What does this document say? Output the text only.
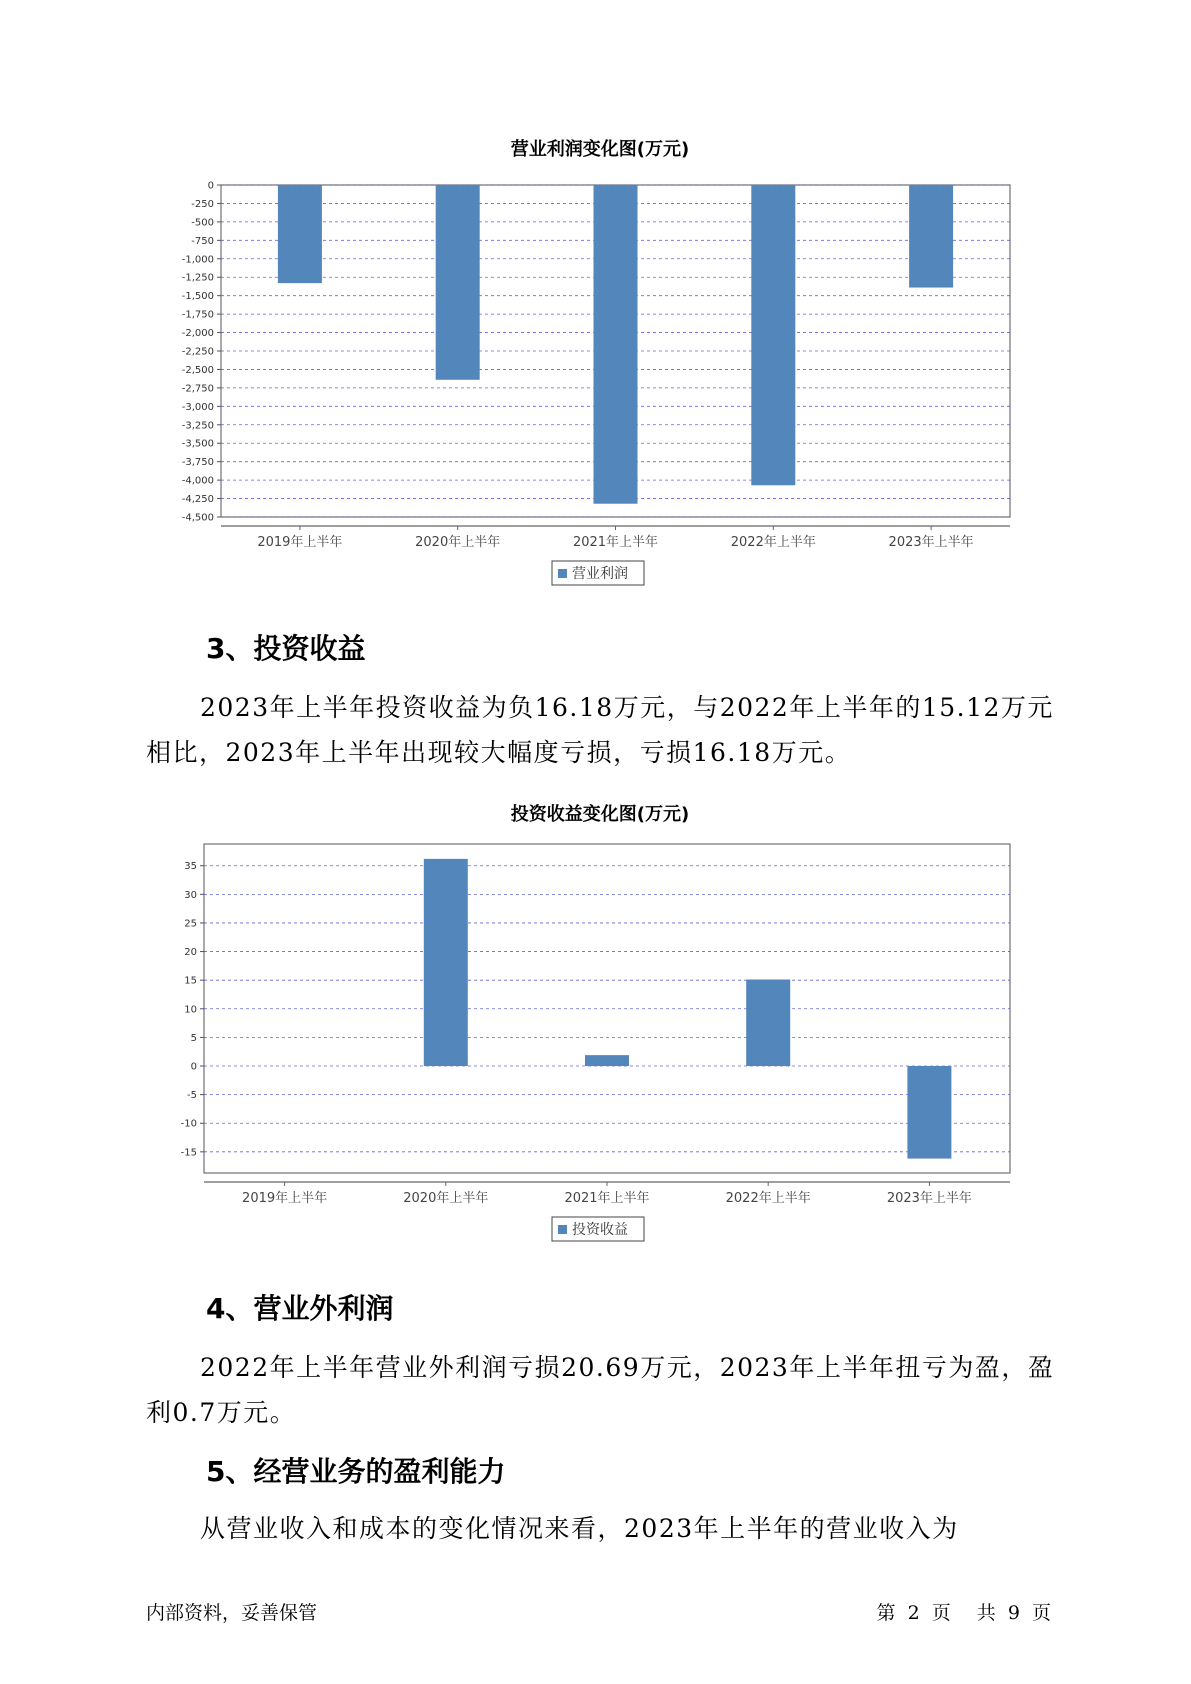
营业利润变化图(万元)
0
-250
-500
-750
-1,000
-1,250
-1,500
-1,750
-2,000
-2,250
-2,500
-2,750
-3,000
-3,250
-3,500
-3,750
-4,000
-4,250
-4,500
2019年上半年	2020年上半年	2021年上半年	2022年上半年	2023年上半年
营业利润
3、投资收益

2023年上半年投资收益为负16.18万元，与2022年上半年的15.12万元相比，2023年上半年出现较大幅度亏损，亏损16.18万元。

投资收益变化图(万元)
35
30
25
20
15
10
5
0
-5
-10
-15
2019年上半年	2020年上半年	2021年上半年	2022年上半年	2023年上半年
投资收益
4、营业外利润

2022年上半年营业外利润亏损20.69万元，2023年上半年扭亏为盈，盈利0.7万元。

5、经营业务的盈利能力

从营业收入和成本的变化情况来看，2023年上半年的营业收入为

内部资料，妥善保管	第 2 页 共 9 页
